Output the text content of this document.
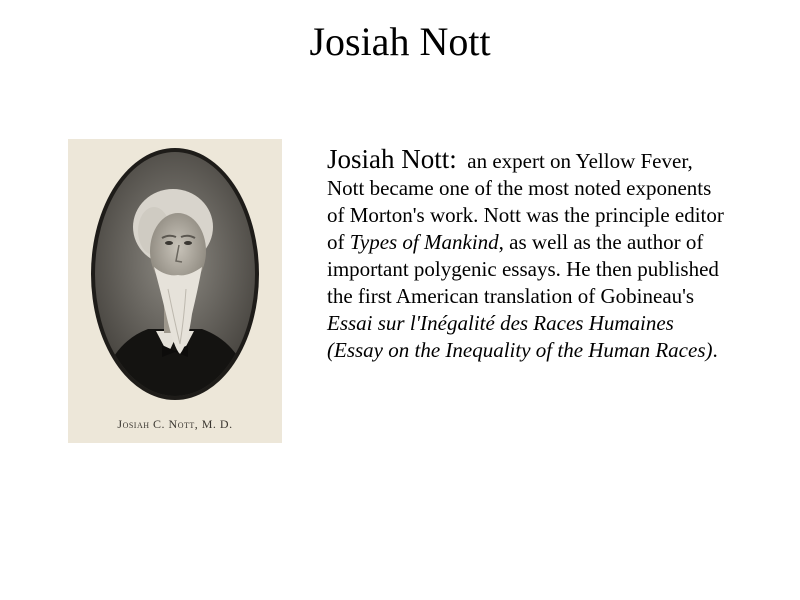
Josiah Nott
Josiah C. Nott, M. D.

Josiah Nott: an expert on Yellow Fever, Nott became one of the most noted exponents of Morton's work. Nott was the principle editor of Types of Mankind, as well as the author of important polygenic essays. He then published the first American translation of Gobineau's Essai sur l'Inégalité des Races Humaines (Essay on the Inequality of the Human Races).
